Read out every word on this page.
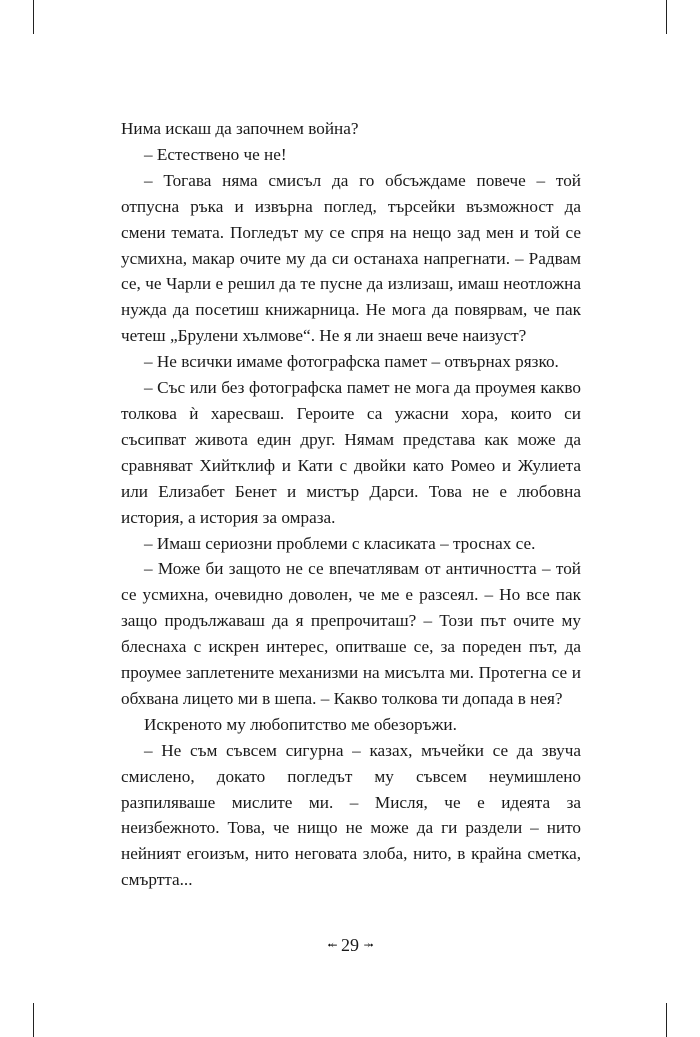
Нима искаш да започнем война?

– Естествено че не!

– Тогава няма смисъл да го обсъждаме повече – той отпусна ръка и извърна поглед, търсейки възможност да смени темата. Погледът му се спря на нещо зад мен и той се усмихна, макар очите му да си останаха напрегнати. – Радвам се, че Чарли е решил да те пусне да излизаш, имаш неотложна нужда да посетиш книжарница. Не мога да повярвам, че пак четеш „Брулени хълмове“. Не я ли знаеш вече наизуст?

– Не всички имаме фотографска памет – отвърнах рязко.

– Със или без фотографска памет не мога да проумея какво толкова ѝ харесваш. Героите са ужасни хора, които си съсипват живота един друг. Нямам представа как може да сравняват Хийтклиф и Кати с двойки като Ромео и Жулиета или Елизабет Бенет и мистър Дарси. Това не е любовна история, а история за омраза.

– Имаш сериозни проблеми с класиката – троснах се.

– Може би защото не се впечатлявам от античността – той се усмихна, очевидно доволен, че ме е разсеял. – Но все пак защо продължаваш да я препрочиташ? – Този път очите му блеснаха с искрен интерес, опитваше се, за пореден път, да проумее заплетените механизми на мисълта ми. Протегна се и обхвана лицето ми в шепа. – Какво толкова ти допада в нея?

Искреното му любопитство ме обезоръжи.

– Не съм съвсем сигурна – казах, мъчейки се да звуча смислено, докато погледът му съвсем неумишлено разпиляваше мислите ми. – Мисля, че е идеята за неизбежното. Това, че нищо не може да ги раздели – нито нейният егоизъм, нито неговата злоба, нито, в крайна сметка, смъртта...

⤝ 29 ⤞
